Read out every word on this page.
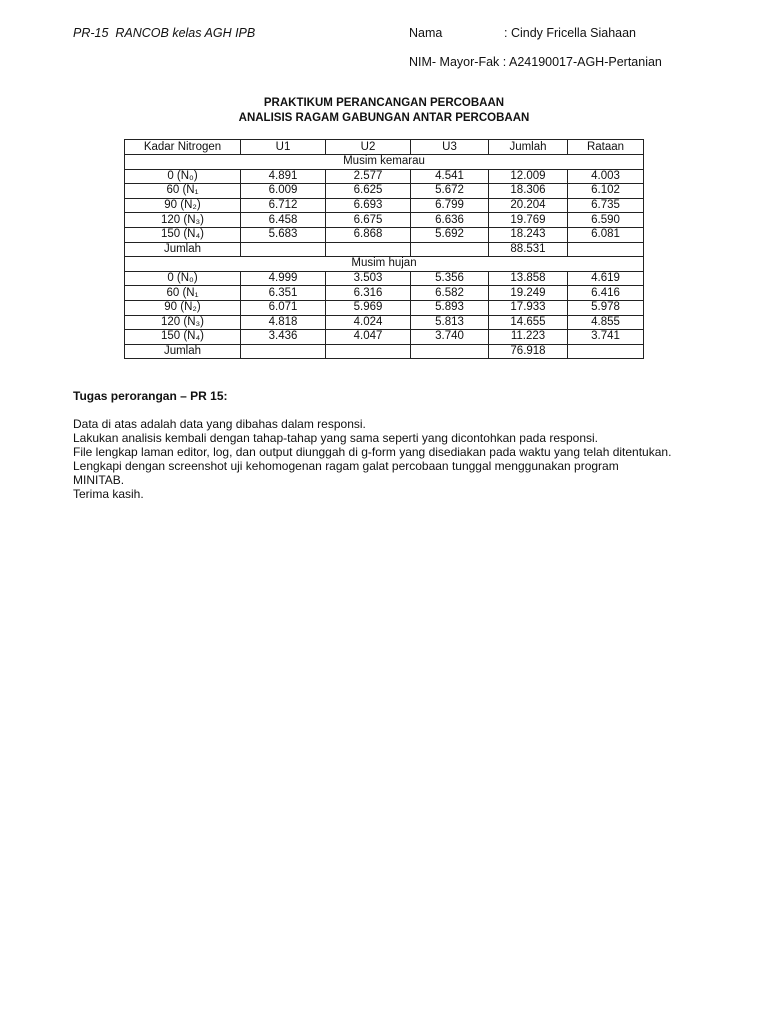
PR-15  RANCOB kelas AGH IPB	Nama	: Cindy Fricella Siahaan
NIM- Mayor-Fak : A24190017-AGH-Pertanian
PRAKTIKUM PERANCANGAN PERCOBAAN
ANALISIS RAGAM GABUNGAN ANTAR PERCOBAAN
Kadar Nitrogen	U1	U2	U3	Jumlah	Rataan
Musim kemarau					
0 (N₀)	4.891	2.577	4.541	12.009	4.003
60 (N₁	6.009	6.625	5.672	18.306	6.102
90 (N₂)	6.712	6.693	6.799	20.204	6.735
120 (N₃)	6.458	6.675	6.636	19.769	6.590
150 (N₄)	5.683	6.868	5.692	18.243	6.081
Jumlah				88.531	
Musim hujan					
0 (N₀)	4.999	3.503	5.356	13.858	4.619
60 (N₁	6.351	6.316	6.582	19.249	6.416
90 (N₂)	6.071	5.969	5.893	17.933	5.978
120 (N₃)	4.818	4.024	5.813	14.655	4.855
150 (N₄)	3.436	4.047	3.740	11.223	3.741
Jumlah				76.918	
Tugas perorangan – PR 15:

Data di atas adalah data yang dibahas dalam responsi.

Lakukan analisis kembali dengan tahap-tahap yang sama seperti yang dicontohkan pada responsi.

File lengkap laman editor, log, dan output diunggah di g-form yang disediakan pada waktu yang telah ditentukan.

Lengkapi dengan screenshot uji kehomogenan ragam galat percobaan tunggal menggunakan program MINITAB.

Terima kasih.
